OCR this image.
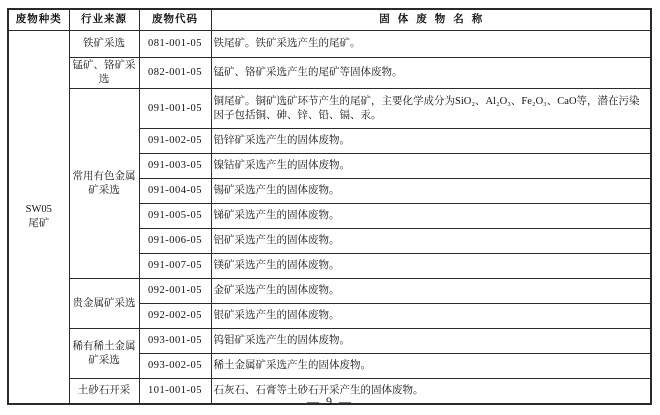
废物种类	行业来源	废物代码	固体废物名称

SW05
尾矿	铁矿采选	081-001-05	铁尾矿。铁矿采选产生的尾矿。
	锰矿、铬矿采选	082-001-05	锰矿、铬矿采选产生的尾矿等固体废物。
	常用有色金属矿采选	091-001-05	铜尾矿。铜矿选矿环节产生的尾矿，主要化学成分为SiO₂、Al₂O₃、Fe₂O₃、CaO等，潜在污染因子包括铜、砷、锌、铅、镉、汞。
		091-002-05	铅锌矿采选产生的固体废物。
		091-003-05	镍钴矿采选产生的固体废物。
		091-004-05	锡矿采选产生的固体废物。
		091-005-05	锑矿采选产生的固体废物。
		091-006-05	铝矿采选产生的固体废物。
		091-007-05	镁矿采选产生的固体废物。
	贵金属矿采选	092-001-05	金矿采选产生的固体废物。
		092-002-05	银矿采选产生的固体废物。
	稀有稀土金属矿采选	093-001-05	钨钼矿采选产生的固体废物。
		093-002-05	稀土金属矿采选产生的固体废物。
	土砂石开采	101-001-05	石灰石、石膏等土砂石开采产生的固体废物。
— 9 —
